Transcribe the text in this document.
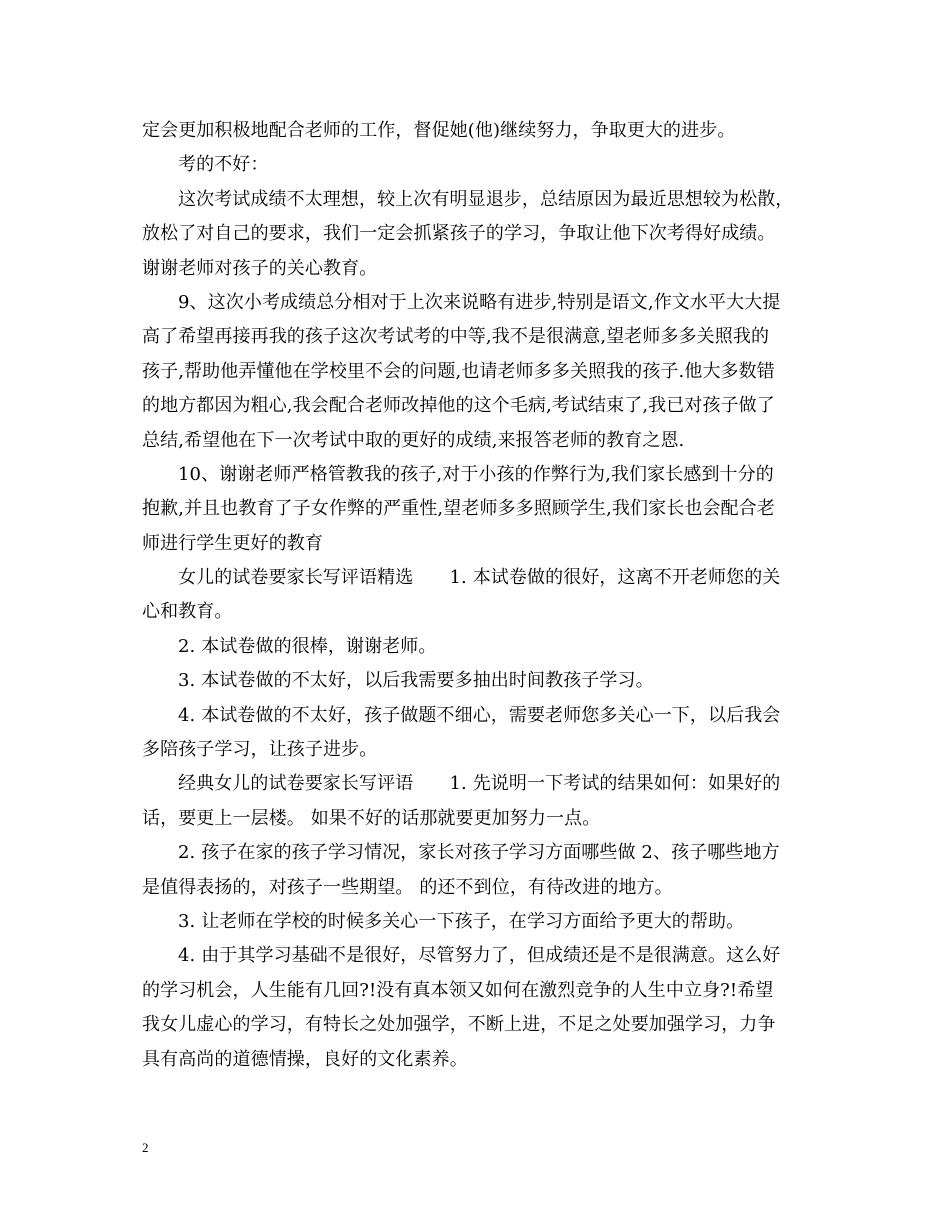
定会更加积极地配合老师的工作，督促她(他)继续努力，争取更大的进步。
考的不好：
这次考试成绩不太理想，较上次有明显退步，总结原因为最近思想较为松散，
放松了对自己的要求，我们一定会抓紧孩子的学习，争取让他下次考得好成绩。
谢谢老师对孩子的关心教育。
9、这次小考成绩总分相对于上次来说略有进步,特别是语文,作文水平大大提
高了希望再接再我的孩子这次考试考的中等,我不是很满意,望老师多多关照我的
孩子,帮助他弄懂他在学校里不会的问题,也请老师多多关照我的孩子.他大多数错
的地方都因为粗心,我会配合老师改掉他的这个毛病,考试结束了,我已对孩子做了
总结,希望他在下一次考试中取的更好的成绩,来报答老师的教育之恩.
10、谢谢老师严格管教我的孩子,对于小孩的作弊行为,我们家长感到十分的
抱歉,并且也教育了子女作弊的严重性,望老师多多照顾学生,我们家长也会配合老
师进行学生更好的教育
女儿的试卷要家长写评语精选　　1. 本试卷做的很好，这离不开老师您的关
心和教育。
2. 本试卷做的很棒，谢谢老师。
3. 本试卷做的不太好，以后我需要多抽出时间教孩子学习。
4. 本试卷做的不太好，孩子做题不细心，需要老师您多关心一下，以后我会
多陪孩子学习，让孩子进步。
经典女儿的试卷要家长写评语　　1. 先说明一下考试的结果如何：如果好的
话，要更上一层楼。 如果不好的话那就要更加努力一点。
2. 孩子在家的孩子学习情况，家长对孩子学习方面哪些做 2、孩子哪些地方
是值得表扬的，对孩子一些期望。 的还不到位，有待改进的地方。
3. 让老师在学校的时候多关心一下孩子，在学习方面给予更大的帮助。
4. 由于其学习基础不是很好，尽管努力了，但成绩还是不是很满意。这么好
的学习机会，人生能有几回?!没有真本领又如何在激烈竞争的人生中立身?!希望
我女儿虚心的学习，有特长之处加强学，不断上进，不足之处要加强学习，力争
具有高尚的道德情操，良好的文化素养。
2
